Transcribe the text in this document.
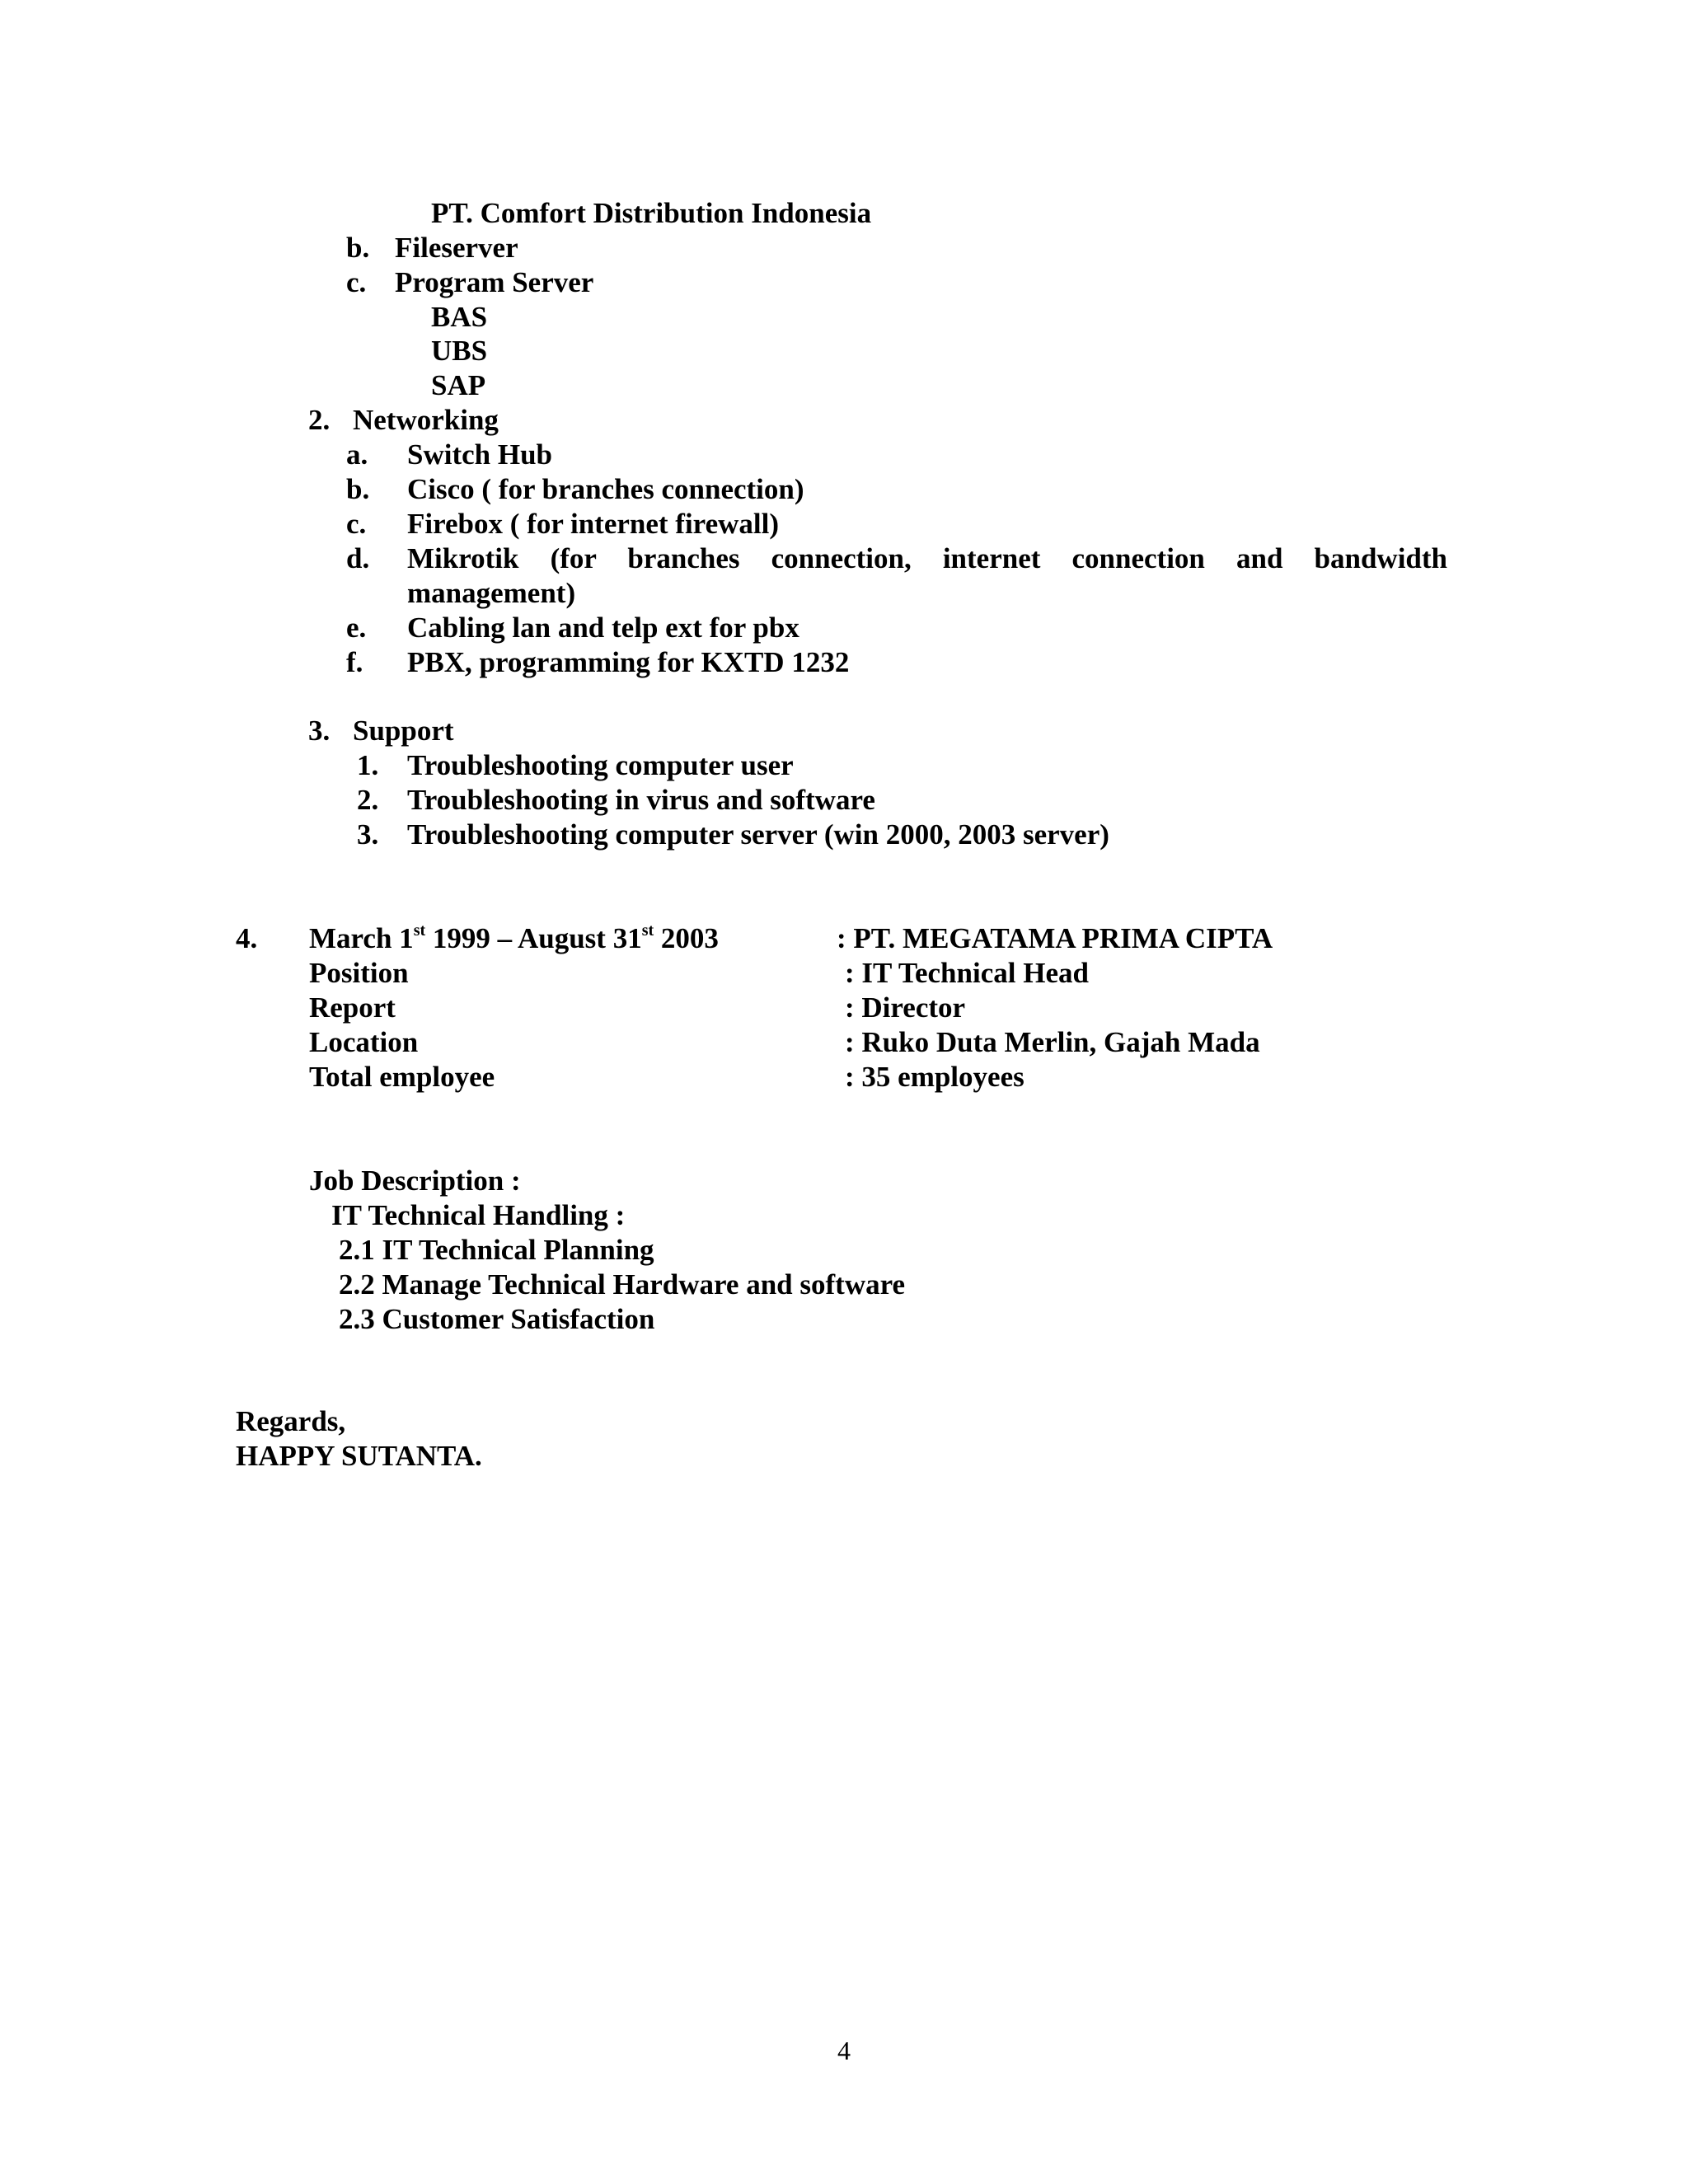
PT. Comfort Distribution Indonesia
b. Fileserver
c. Program Server
BAS
UBS
SAP
2. Networking
a. Switch Hub
b. Cisco ( for branches connection)
c. Firebox ( for internet firewall)
d. Mikrotik (for branches connection, internet connection and bandwidth
management)
e. Cabling lan and telp ext for pbx
f. PBX, programming for KXTD 1232
3. Support
1. Troubleshooting computer user
2. Troubleshooting in virus and software
3. Troubleshooting computer server (win 2000, 2003 server)
4. March 1st 1999 – August 31st 2003	: PT. MEGATAMA PRIMA CIPTA
Position	: IT Technical Head
Report	: Director
Location	: Ruko Duta Merlin, Gajah Mada
Total employee	: 35 employees
Job Description :
IT Technical Handling :
2.1 IT Technical Planning
2.2 Manage Technical Hardware and software
2.3 Customer Satisfaction
Regards,
HAPPY SUTANTA.
4
